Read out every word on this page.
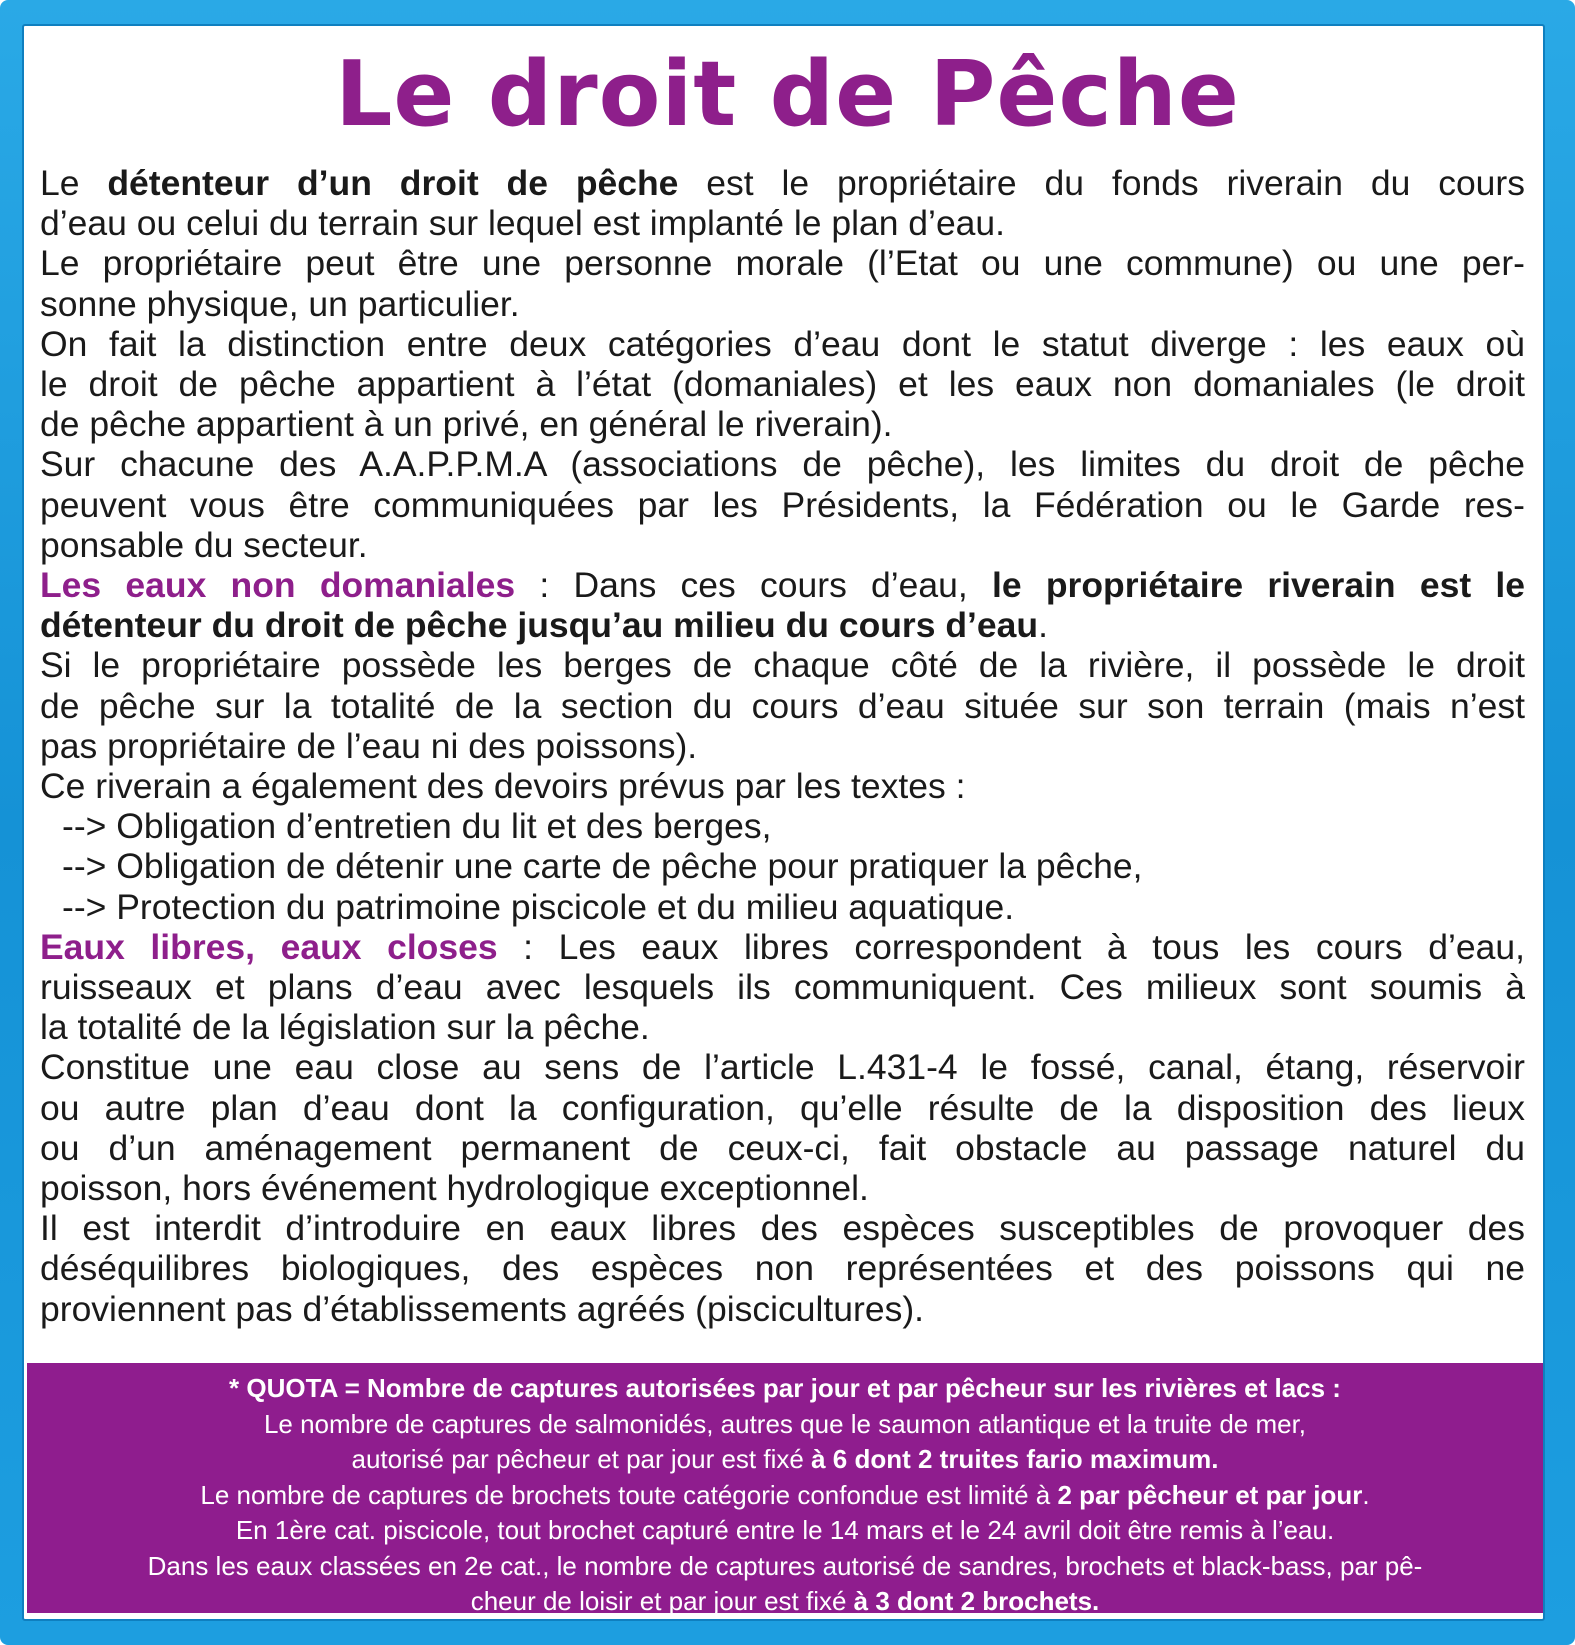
Le droit de Pêche
Le détenteur d’un droit de pêche est le propriétaire du fonds riverain du cours
d’eau ou celui du terrain sur lequel est implanté le plan d’eau.
Le propriétaire peut être une personne morale (l’Etat ou une commune) ou une per-
sonne physique, un particulier.
On fait la distinction entre deux catégories d’eau dont le statut diverge : les eaux où
le droit de pêche appartient à l’état (domaniales) et les eaux non domaniales (le droit
de pêche appartient à un privé, en général le riverain).
Sur chacune des A.A.P.P.M.A (associations de pêche), les limites du droit de pêche
peuvent vous être communiquées par les Présidents, la Fédération ou le Garde res-
ponsable du secteur.
Les eaux non domaniales : Dans ces cours d’eau, le propriétaire riverain est le
détenteur du droit de pêche jusqu’au milieu du cours d’eau.
Si le propriétaire possède les berges de chaque côté de la rivière, il possède le droit
de pêche sur la totalité de la section du cours d’eau située sur son terrain (mais n’est
pas propriétaire de l’eau ni des poissons).
Ce riverain a également des devoirs prévus par les textes :
--> Obligation d’entretien du lit et des berges,
--> Obligation de détenir une carte de pêche pour pratiquer la pêche,
--> Protection du patrimoine piscicole et du milieu aquatique.
Eaux libres, eaux closes : Les eaux libres correspondent à tous les cours d’eau,
ruisseaux et plans d’eau avec lesquels ils communiquent. Ces milieux sont soumis à
la totalité de la législation sur la pêche.
Constitue une eau close au sens de l’article L.431-4 le fossé, canal, étang, réservoir
ou autre plan d’eau dont la configuration, qu’elle résulte de la disposition des lieux
ou d’un aménagement permanent de ceux-ci, fait obstacle au passage naturel du
poisson, hors événement hydrologique exceptionnel.
Il est interdit d’introduire en eaux libres des espèces susceptibles de provoquer des
déséquilibres biologiques, des espèces non représentées et des poissons qui ne
proviennent pas d’établissements agréés (piscicultures).
* QUOTA = Nombre de captures autorisées par jour et par pêcheur sur les rivières et lacs :
Le nombre de captures de salmonidés, autres que le saumon atlantique et la truite de mer,
autorisé par pêcheur et par jour est fixé à 6 dont 2 truites fario maximum.
Le nombre de captures de brochets toute catégorie confondue est limité à 2 par pêcheur et par jour.
En 1ère cat. piscicole, tout brochet capturé entre le 14 mars et le 24 avril doit être remis à l’eau.
Dans les eaux classées en 2e cat., le nombre de captures autorisé de sandres, brochets et black-bass, par pê-
cheur de loisir et par jour est fixé à 3 dont 2 brochets.
